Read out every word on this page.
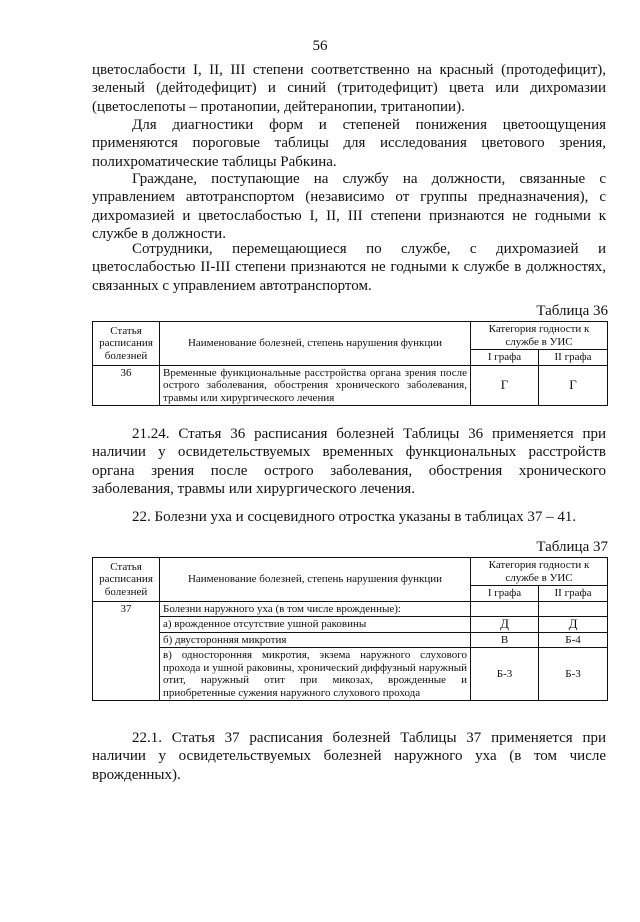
56

цветослабости I, II, III степени соответственно на красный (протодефицит), зеленый (дейтодефицит) и синий (тритодефицит) цвета или дихромазии (цветослепоты – протанопии, дейтеранопии, тританопии).

Для диагностики форм и степеней понижения цветоощущения применяются пороговые таблицы для исследования цветового зрения, полихроматические таблицы Рабкина.

Граждане, поступающие на службу на должности, связанные с управлением автотранспортом (независимо от группы предназначения), с дихромазией и цветослабостью I, II, III степени признаются не годными к службе в должности.

Сотрудники, перемещающиеся по службе, с дихромазией и цветослабостью II-III степени признаются не годными к службе в должностях, связанных с управлением автотранспортом.

Таблица 36
Статья расписания болезней	Наименование болезней, степень нарушения функции	Категория годности к службе в УИС	
		I графа	II графа
36	Временные функциональные расстройства органа зрения после острого заболевания, обострения хронического заболевания, травмы или хирургического лечения	Г	Г

21.24. Статья 36 расписания болезней Таблицы 36 применяется при наличии у освидетельствуемых временных функциональных расстройств органа зрения после острого заболевания, обострения хронического заболевания, травмы или хирургического лечения.

22. Болезни уха и сосцевидного отростка указаны в таблицах 37 – 41.

Таблица 37
Статья расписания болезней	Наименование болезней, степень нарушения функции	Категория годности к службе в УИС	
		I графа	II графа
37	Болезни наружного уха (в том числе врожденные):		
	а) врожденное отсутствие ушной раковины	Д	Д
	б) двусторонняя микротия	В	Б-4
	в) односторонняя микротия, экзема наружного слухового прохода и ушной раковины, хронический диффузный наружный отит, наружный отит при микозах, врожденные и приобретенные сужения наружного слухового прохода	Б-3	Б-3

22.1. Статья 37 расписания болезней Таблицы 37 применяется при наличии у освидетельствуемых болезней наружного уха (в том числе врожденных).
